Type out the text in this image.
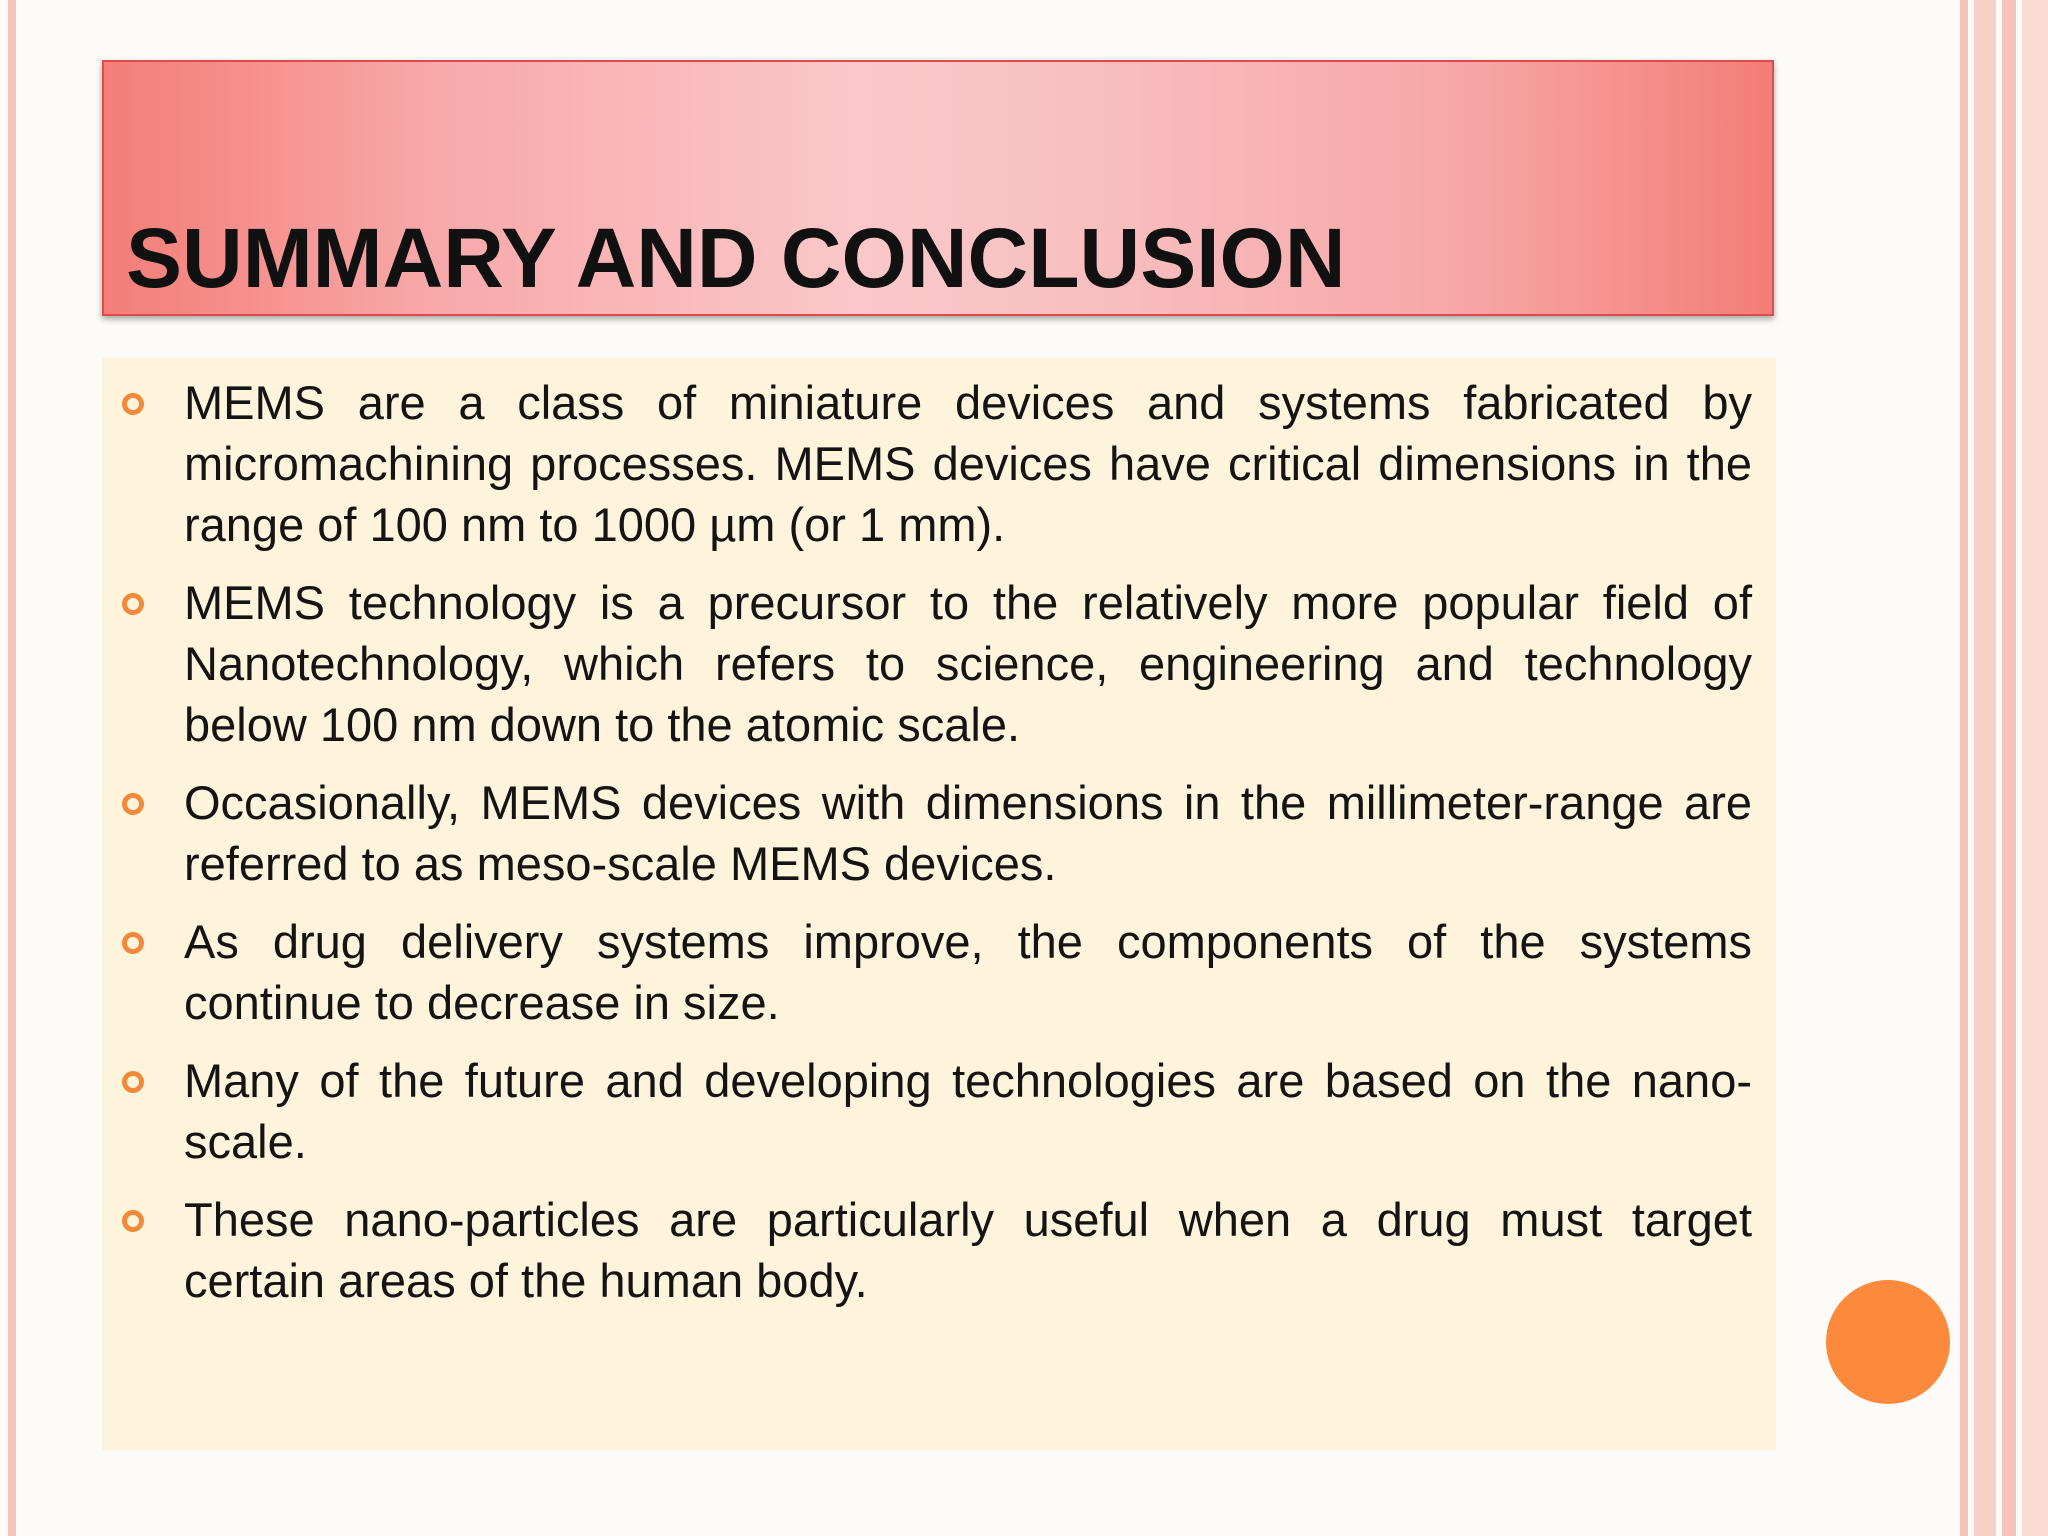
SUMMARY AND CONCLUSION
MEMS are a class of miniature devices and systems fabricated by micromachining processes. MEMS devices have critical dimensions in the range of 100 nm to 1000 µm (or 1 mm).
MEMS technology is a precursor to the relatively more popular field of Nanotechnology, which refers to science, engineering and technology below 100 nm down to the atomic scale.
Occasionally, MEMS devices with dimensions in the millimeter-range are referred to as meso-scale MEMS devices.
As drug delivery systems improve, the components of the systems continue to decrease in size.
Many of the future and developing technologies are based on the nano-scale.
These nano-particles are particularly useful when a drug must target certain areas of the human body.
